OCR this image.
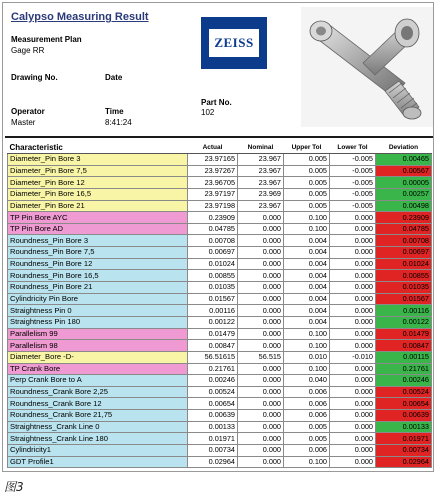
Calypso Measuring Result
Measurement Plan
Gage RR
Drawing No.	Date
Part No.
102
Operator
Master
Time
8:41:24
ZEISS
Characteristic	Actual	Nominal	Upper Tol	Lower Tol	Deviation
Diameter_Pin Bore 3	23.97165	23.967	0.005	-0.005	0.00465
Diameter_Pin Bore 7,5	23.97267	23.967	0.005	-0.005	0.00567
Diameter_Pin Bore 12	23.96705	23.967	0.005	-0.005	0.00005
Diameter_Pin Bore 16,5	23.97197	23.969	0.005	-0.005	0.00257
Diameter_Pin Bore 21	23.97198	23.967	0.005	-0.005	0.00498
TP Pin Bore AYC	0.23909	0.000	0.100	0.000	0.23909
TP Pin Bore AD	0.04785	0.000	0.100	0.000	0.04785
Roundness_Pin Bore 3	0.00708	0.000	0.004	0.000	0.00708
Roundness_Pin Bore 7,5	0.00697	0.000	0.004	0.000	0.00697
Roundness_Pin Bore 12	0.01024	0.000	0.004	0.000	0.01024
Roundness_Pin Bore 16,5	0.00855	0.000	0.004	0.000	0.00855
Roundness_Pin Bore 21	0.01035	0.000	0.004	0.000	0.01035
Cylindricity Pin Bore	0.01567	0.000	0.004	0.000	0.01567
Straightness Pin 0	0.00116	0.000	0.004	0.000	0.00116
Straightness Pin 180	0.00122	0.000	0.004	0.000	0.00122
Parallelism 99	0.01479	0.000	0.100	0.000	0.01479
Parallelism 98	0.00847	0.000	0.100	0.000	0.00847
Diameter_Bore -D-	56.51615	56.515	0.010	-0.010	0.00115
TP Crank Bore	0.21761	0.000	0.100	0.000	0.21761
Perp Crank Bore to A	0.00246	0.000	0.040	0.000	0.00246
Roundness_Crank Bore 2,25	0.00524	0.000	0.006	0.000	0.00524
Roundness_Crank Bore 12	0.00654	0.000	0.006	0.000	0.00654
Roundness_Crank Bore 21,75	0.00639	0.000	0.006	0.000	0.00639
Straightness_Crank Line 0	0.00133	0.000	0.005	0.000	0.00133
Straightness_Crank Line 180	0.01971	0.000	0.005	0.000	0.01971
Cylindricity1	0.00734	0.000	0.006	0.000	0.00734
GDT Profile1	0.02964	0.000	0.100	0.000	0.02964
图3
